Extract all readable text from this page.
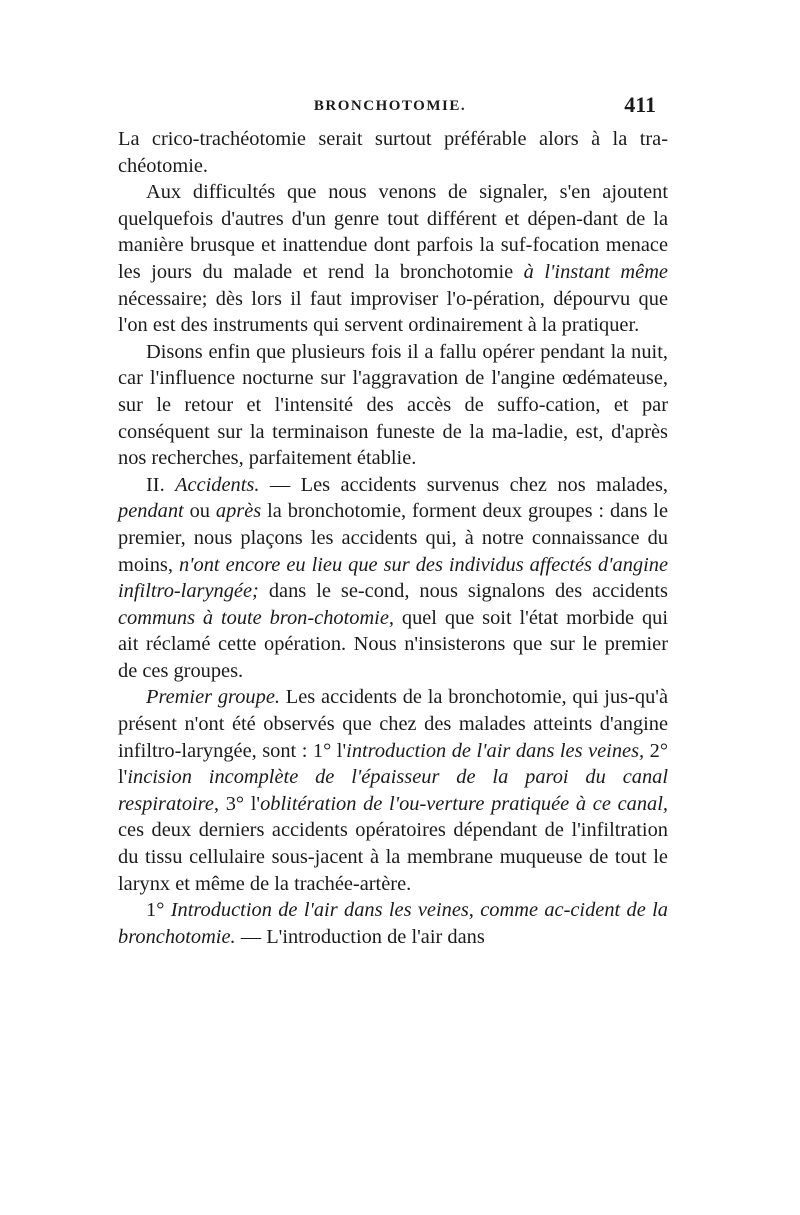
BRONCHOTOMIE.	411

La crico-trachéotomie serait surtout préférable alors à la tra-chéotomie.

Aux difficultés que nous venons de signaler, s'en ajoutent quelquefois d'autres d'un genre tout différent et dépen-dant de la manière brusque et inattendue dont parfois la suf-focation menace les jours du malade et rend la bronchotomie à l'instant même nécessaire; dès lors il faut improviser l'o-pération, dépourvu que l'on est des instruments qui servent ordinairement à la pratiquer.

Disons enfin que plusieurs fois il a fallu opérer pendant la nuit, car l'influence nocturne sur l'aggravation de l'angine œdémateuse, sur le retour et l'intensité des accès de suffo-cation, et par conséquent sur la terminaison funeste de la ma-ladie, est, d'après nos recherches, parfaitement établie.

II. Accidents. — Les accidents survenus chez nos malades, pendant ou après la bronchotomie, forment deux groupes : dans le premier, nous plaçons les accidents qui, à notre connaissance du moins, n'ont encore eu lieu que sur des individus affectés d'angine infiltro-laryngée; dans le se-cond, nous signalons des accidents communs à toute bron-chotomie, quel que soit l'état morbide qui ait réclamé cette opération. Nous n'insisterons que sur le premier de ces groupes.

Premier groupe. Les accidents de la bronchotomie, qui jus-qu'à présent n'ont été observés que chez des malades atteints d'angine infiltro-laryngée, sont : 1° l'introduction de l'air dans les veines, 2° l'incision incomplète de l'épaisseur de la paroi du canal respiratoire, 3° l'oblitération de l'ou-verture pratiquée à ce canal, ces deux derniers accidents opératoires dépendant de l'infiltration du tissu cellulaire sous-jacent à la membrane muqueuse de tout le larynx et même de la trachée-artère.

1° Introduction de l'air dans les veines, comme ac-cident de la bronchotomie. — L'introduction de l'air dans
